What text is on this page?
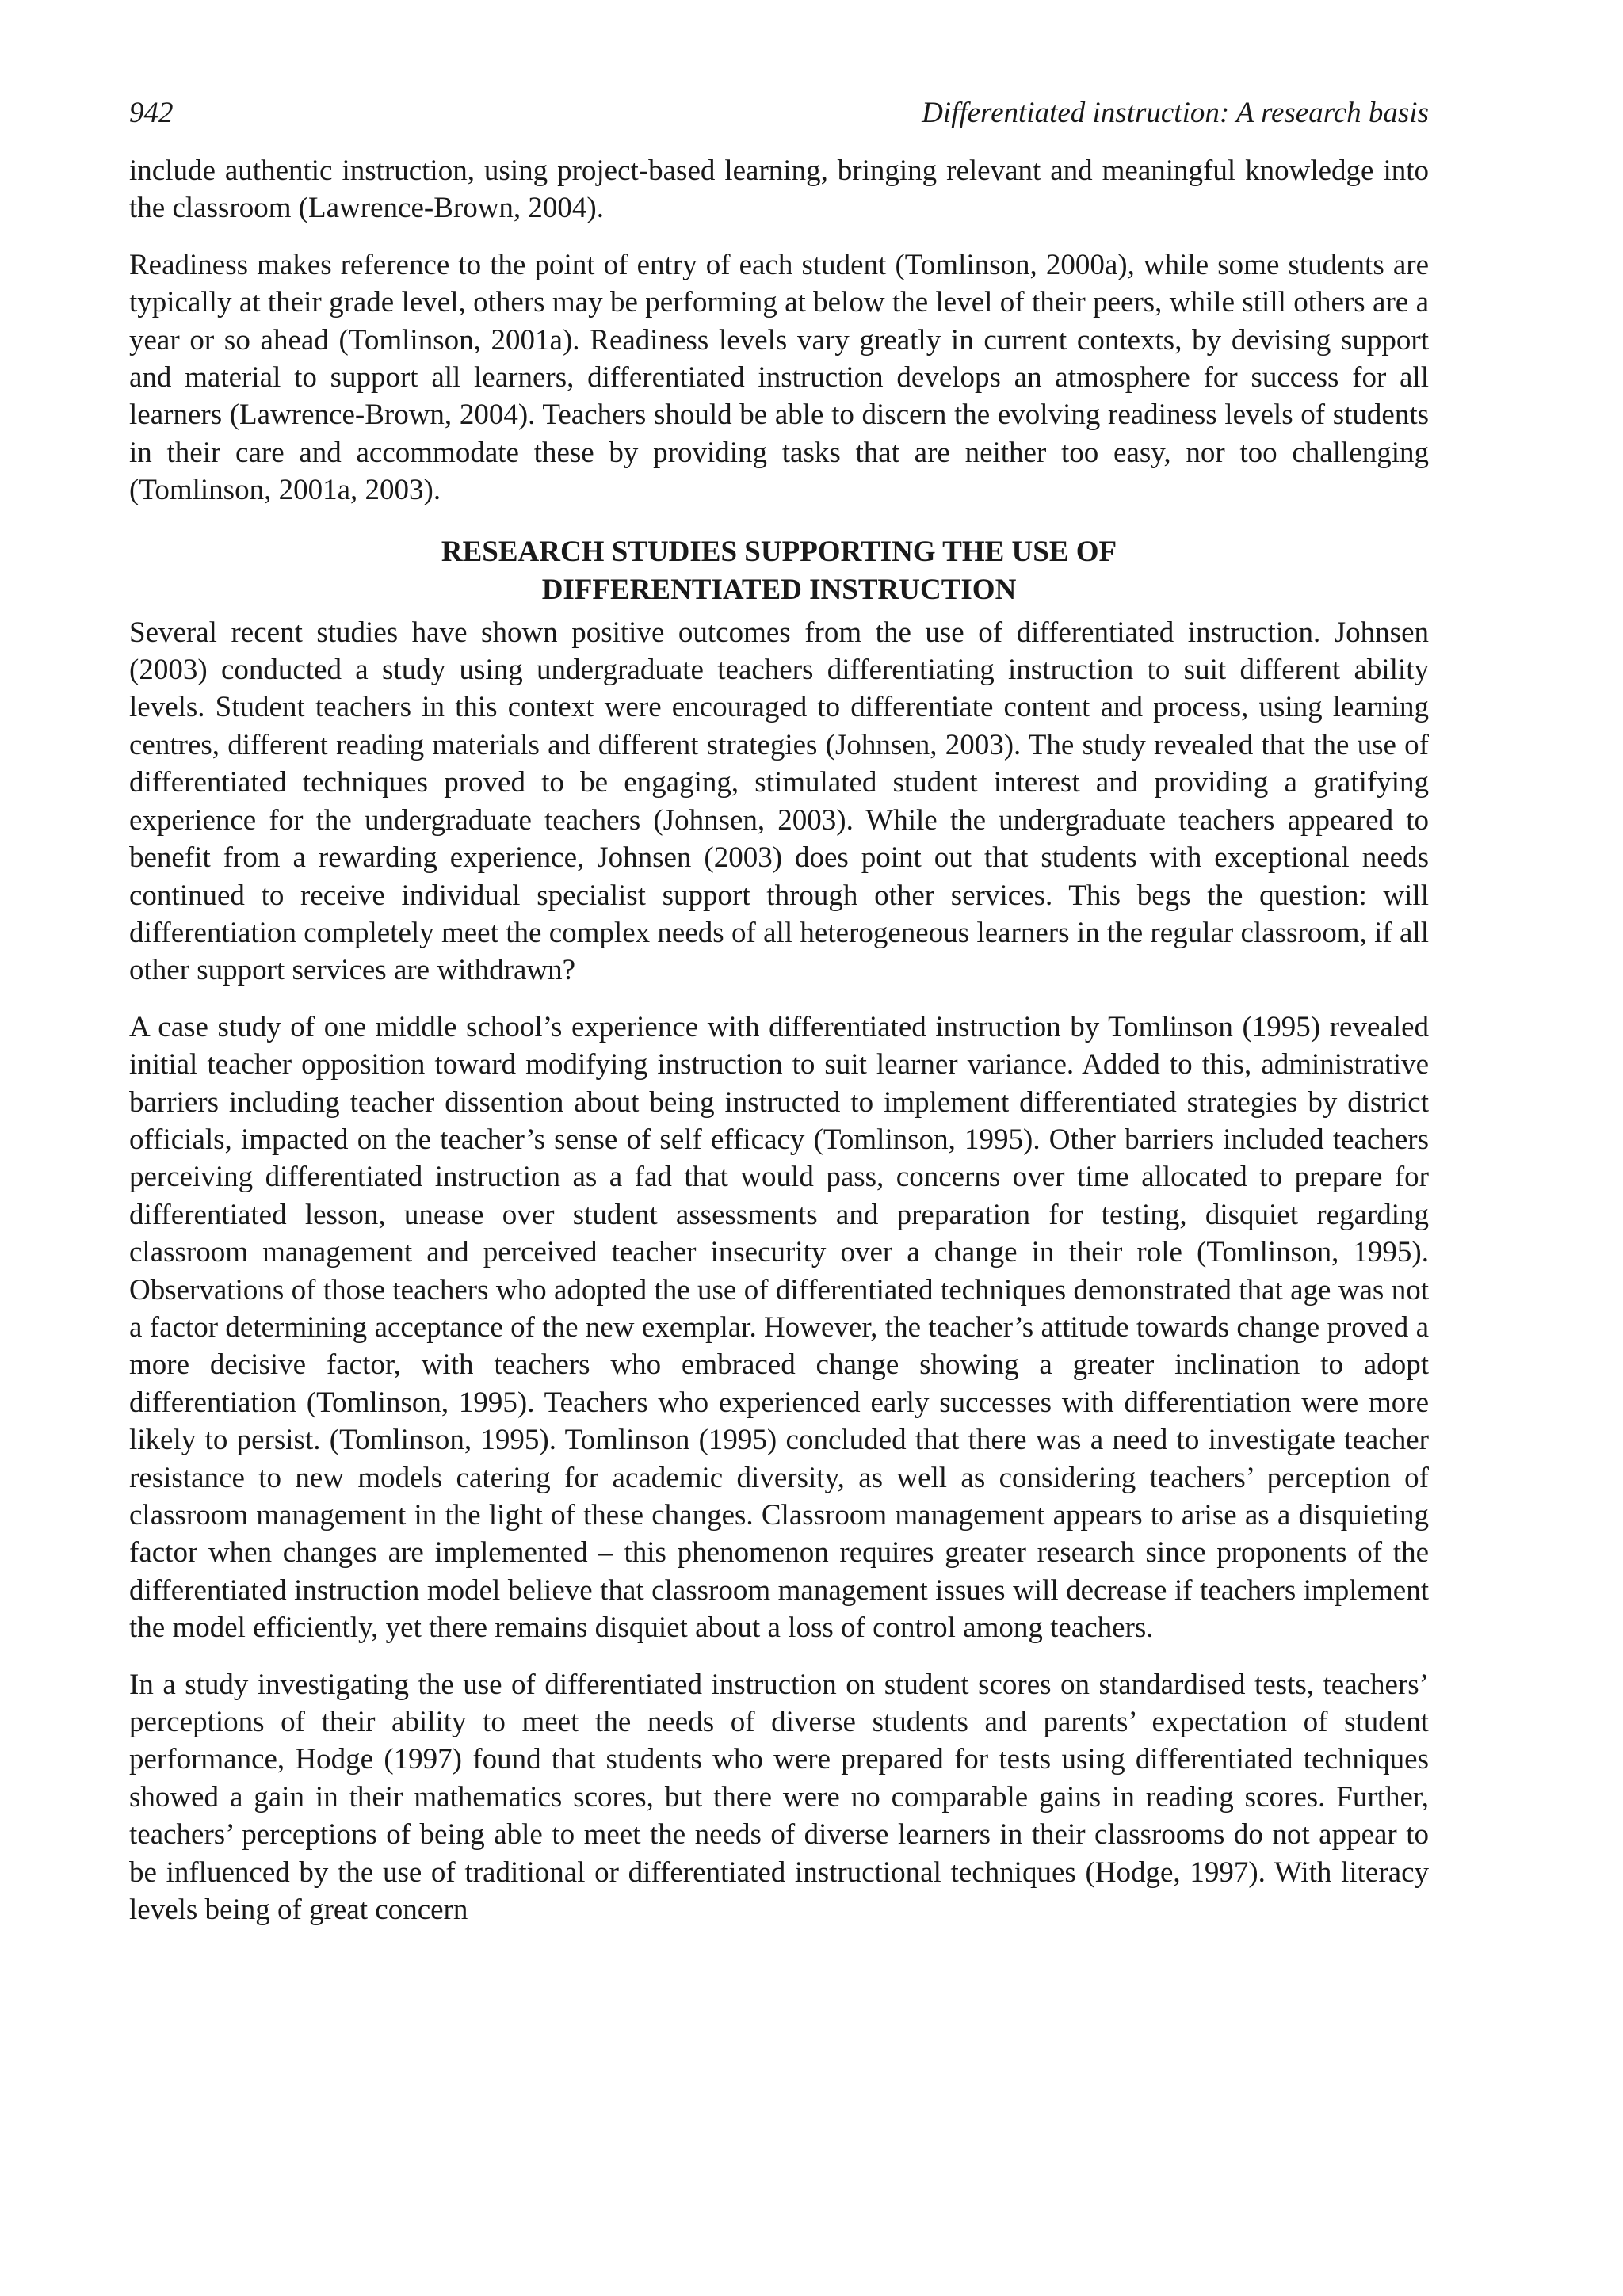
942	Differentiated instruction: A research basis

include authentic instruction, using project-based learning, bringing relevant and meaningful knowledge into the classroom (Lawrence-Brown, 2004).

Readiness makes reference to the point of entry of each student (Tomlinson, 2000a), while some students are typically at their grade level, others may be performing at below the level of their peers, while still others are a year or so ahead (Tomlinson, 2001a). Readiness levels vary greatly in current contexts, by devising support and material to support all learners, differentiated instruction develops an atmosphere for success for all learners (Lawrence-Brown, 2004). Teachers should be able to discern the evolving readiness levels of students in their care and accommodate these by providing tasks that are neither too easy, nor too challenging (Tomlinson, 2001a, 2003).

RESEARCH STUDIES SUPPORTING THE USE OF
DIFFERENTIATED INSTRUCTION

Several recent studies have shown positive outcomes from the use of differentiated instruction. Johnsen (2003) conducted a study using undergraduate teachers differentiating instruction to suit different ability levels. Student teachers in this context were encouraged to differentiate content and process, using learning centres, different reading materials and different strategies (Johnsen, 2003). The study revealed that the use of differentiated techniques proved to be engaging, stimulated student interest and providing a gratifying experience for the undergraduate teachers (Johnsen, 2003). While the undergraduate teachers appeared to benefit from a rewarding experience, Johnsen (2003) does point out that students with exceptional needs continued to receive individual specialist support through other services. This begs the question: will differentiation completely meet the complex needs of all heterogeneous learners in the regular classroom, if all other support services are withdrawn?

A case study of one middle school’s experience with differentiated instruction by Tomlinson (1995) revealed initial teacher opposition toward modifying instruction to suit learner variance. Added to this, administrative barriers including teacher dissention about being instructed to implement differentiated strategies by district officials, impacted on the teacher’s sense of self efficacy (Tomlinson, 1995). Other barriers included teachers perceiving differentiated instruction as a fad that would pass, concerns over time allocated to prepare for differentiated lesson, unease over student assessments and preparation for testing, disquiet regarding classroom management and perceived teacher insecurity over a change in their role (Tomlinson, 1995). Observations of those teachers who adopted the use of differentiated techniques demonstrated that age was not a factor determining acceptance of the new exemplar. However, the teacher’s attitude towards change proved a more decisive factor, with teachers who embraced change showing a greater inclination to adopt differentiation (Tomlinson, 1995). Teachers who experienced early successes with differentiation were more likely to persist. (Tomlinson, 1995). Tomlinson (1995) concluded that there was a need to investigate teacher resistance to new models catering for academic diversity, as well as considering teachers’ perception of classroom management in the light of these changes. Classroom management appears to arise as a disquieting factor when changes are implemented – this phenomenon requires greater research since proponents of the differentiated instruction model believe that classroom management issues will decrease if teachers implement the model efficiently, yet there remains disquiet about a loss of control among teachers.

In a study investigating the use of differentiated instruction on student scores on standardised tests, teachers’ perceptions of their ability to meet the needs of diverse students and parents’ expectation of student performance, Hodge (1997) found that students who were prepared for tests using differentiated techniques showed a gain in their mathematics scores, but there were no comparable gains in reading scores. Further, teachers’ perceptions of being able to meet the needs of diverse learners in their classrooms do not appear to be influenced by the use of traditional or differentiated instructional techniques (Hodge, 1997). With literacy levels being of great concern
